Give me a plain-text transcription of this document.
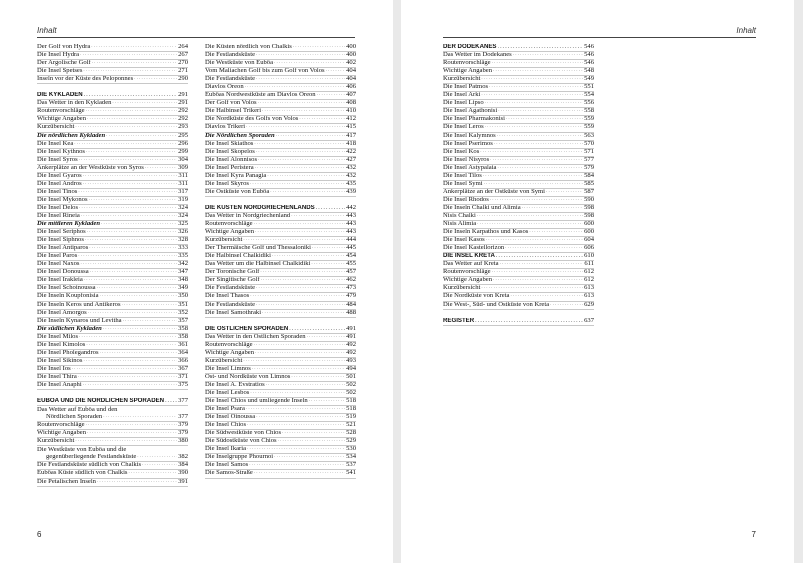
Inhalt
Der Golf von Hydra .....	264
Die Insel Hydra .....	267
Der Argolische Golf .....	270
Die Insel Spetses .....	271
Inseln vor der Küste des Peloponnes .....	290
DIE KYKLADEN .....	291
Das Wetter in den Kykladen .....	291
Routenvorschläge .....	292
Wichtige Angaben .....	292
Kurzübersicht .....	293
Die nördlichen Kykladen .....	295
Die Insel Kea .....	296
Die Insel Kythnos .....	299
Die Insel Syros .....	304
Ankerplätze an der Westküste von Syros .....	309
Die Insel Gyaros .....	311
Die Insel Andros .....	311
Die Insel Tinos .....	317
Die Insel Mykonos .....	319
Die Insel Delos .....	324
Die Insel Rineia .....	324
Die mittleren Kykladen .....	325
Die Insel Seriphos .....	326
Die Insel Siphnos .....	328
Die Insel Antiparos .....	333
Die Insel Paros .....	335
Die Insel Naxos .....	342
Die Insel Donoussa .....	347
Die Insel Irakleia .....	348
Die Insel Schoinoussa .....	349
Die Inseln Koupfonisia .....	350
Die Inseln Keros und Antikeros .....	351
Die Insel Amorgos .....	352
Die Inseln Kynaros und Levitha .....	357
Die südlichen Kykladen .....	358
Die Insel Milos .....	358
Die Insel Kimolos .....	361
Die Insel Pholegandros .....	364
Die Insel Sikinos .....	366
Die Insel Ios .....	367
Die Insel Thira .....	371
Die Insel Anaphi .....	375
EUBÖA UND DIE NÖRDLICHEN SPORADEN ..... 377
Das Wetter auf Euböa und den
Nördlichen Sporaden .....	377
Routenvorschläge .....	379
Wichtige Angaben .....	379
Kurzübersicht .....	380
Die Westküste von Euböa und die
gegenüberliegende Festlandsküste .....	382
Die Festlandsküste südlich von Chalkis .....	384
Euböas Küste südlich von Chalkis .....	390
Die Petalischen Inseln .....	391
Die Küsten nördlich von Chalkis .....	400
Die Festlandsküste .....	400
Die Westküste von Euböa .....	402
Vom Maliachen Golf bis zum Golf von Volos .....	404
Die Festlandsküste .....	404
Diavlos Oreon .....	406
Euböas Nordwestküste am Diavlos Oreon .....	407
Der Golf von Volos .....	408
Die Halbinsel Trikeri .....	410
Die Nordküste des Golfs von Volos .....	412
Diavlos Trikeri .....	415
Die Nördlichen Sporaden .....	417
Die Insel Skiathos .....	418
Die Insel Skopelos .....	422
Die Insel Alonnisos .....	427
Die Insel Peristera .....	432
Die Insel Kyra Panagia .....	432
Die Insel Skyros .....	435
Die Ostküste von Euböa .....	439
DIE KÜSTEN NORDGRIECHENLANDS .....	442
Das Wetter in Nordgriechenland .....	443
Routenvorschläge .....	443
Wichtige Angaben .....	443
Kurzübersicht .....	444
Der Thermäische Golf und Thessaloniki .....	445
Die Halbinsel Chalkidiki .....	454
Das Wetter um die Halbinsel Chalkidiki .....	455
Der Toronische Golf .....	457
Der Singitische Golf .....	462
Die Festlandsküste .....	473
Die Insel Thasos .....	479
Die Festlandsküste .....	484
Die Insel Samothraki .....	488
DIE ÖSTLICHEN SPORADEN .....	491
Das Wetter in den Östlichen Sporaden .....	491
Routenvorschläge .....	492
Wichtige Angaben .....	492
Kurzübersicht .....	493
Die Insel Limnos .....	494
Ost- und Nordküste von Limnos .....	501
Die Insel A. Evstratios .....	502
Die Insel Lesbos .....	502
Die Insel Chios und umliegende Inseln .....	518
Die Insel Psara .....	518
Die Insel Oinoussa .....	519
Die Insel Chios .....	521
Die Südwestküste von Chios .....	528
Die Südostküste von Chios .....	529
Die Insel Ikaria .....	530
Die Inselgruppe Phournoi .....	534
Die Insel Samos .....	537
Die Samos-Straße .....	541
6
Inhalt
DER DODEKANES .....	546
Das Wetter im Dodekanes .....	546
Routenvorschläge .....	546
Wichtige Angaben .....	548
Kurzübersicht .....	549
Die Insel Patmos .....	551
Die Insel Arki .....	554
Die Insel Lipso .....	556
Die Insel Agathonisi .....	558
Die Insel Pharmakonisi .....	559
Die Insel Leros .....	559
Die Insel Kalymnos .....	563
Die Insel Pserimos .....	570
Die Insel Kos .....	571
Die Insel Nisyros .....	577
Die Insel Astypalaia .....	579
Die Insel Tilos .....	584
Die Insel Symi .....	585
Ankerplätze an der Ostküste von Symi .....	587
Die Insel Rhodos .....	590
Die Inseln Chalki und Alimia .....	598
Nisis Chalki .....	598
Nisis Alimia .....	600
Die Inseln Karpathos und Kasos .....	600
Die Insel Kasos .....	604
Die Insel Kastellorizon .....	606
DIE INSEL KRETA .....	610
Das Wetter auf Kreta .....	611
Routenvorschläge .....	612
Wichtige Angaben .....	612
Kurzübersicht .....	613
Die Nordküste von Kreta .....	613
Die West-, Süd- und Ostküste von Kreta .....	629
REGISTER .....	637
7
